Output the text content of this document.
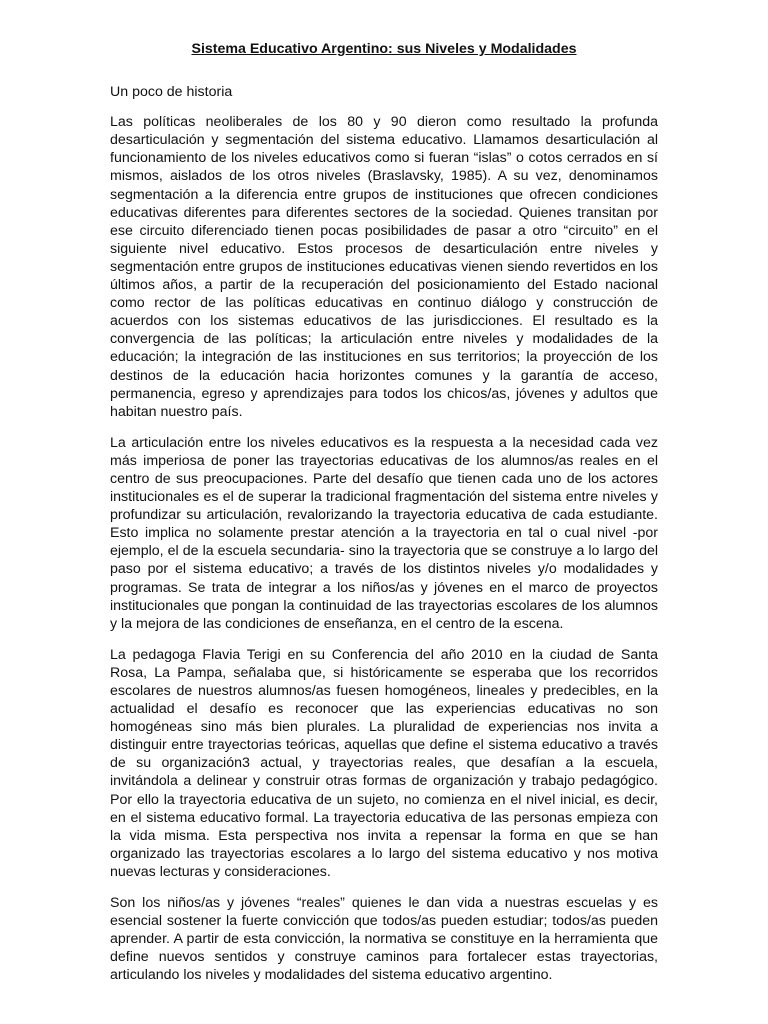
Sistema Educativo Argentino: sus Niveles y Modalidades
Un poco de historia

Las políticas neoliberales de los 80 y 90 dieron como resultado la profunda desarticulación y segmentación del sistema educativo. Llamamos desarticulación al funcionamiento de los niveles educativos como si fueran “islas” o cotos cerrados en sí mismos, aislados de los otros niveles (Braslavsky, 1985). A su vez, denominamos segmentación a la diferencia entre grupos de instituciones que ofrecen condiciones educativas diferentes para diferentes sectores de la sociedad. Quienes transitan por ese circuito diferenciado tienen pocas posibilidades de pasar a otro “circuito” en el siguiente nivel educativo. Estos procesos de desarticulación entre niveles y segmentación entre grupos de instituciones educativas vienen siendo revertidos en los últimos años, a partir de la recuperación del posicionamiento del Estado nacional como rector de las políticas educativas en continuo diálogo y construcción de acuerdos con los sistemas educativos de las jurisdicciones. El resultado es la convergencia de las políticas; la articulación entre niveles y modalidades de la educación; la integración de las instituciones en sus territorios; la proyección de los destinos de la educación hacia horizontes comunes y la garantía de acceso, permanencia, egreso y aprendizajes para todos los chicos/as, jóvenes y adultos que habitan nuestro país.

La articulación entre los niveles educativos es la respuesta a la necesidad cada vez más imperiosa de poner las trayectorias educativas de los alumnos/as reales en el centro de sus preocupaciones. Parte del desafío que tienen cada uno de los actores institucionales es el de superar la tradicional fragmentación del sistema entre niveles y profundizar su articulación, revalorizando la trayectoria educativa de cada estudiante. Esto implica no solamente prestar atención a la trayectoria en tal o cual nivel -por ejemplo, el de la escuela secundaria- sino la trayectoria que se construye a lo largo del paso por el sistema educativo; a través de los distintos niveles y/o modalidades y programas. Se trata de integrar a los niños/as y jóvenes en el marco de proyectos institucionales que pongan la continuidad de las trayectorias escolares de los alumnos y la mejora de las condiciones de enseñanza, en el centro de la escena.

La pedagoga Flavia Terigi en su Conferencia del año 2010 en la ciudad de Santa Rosa, La Pampa, señalaba que, si históricamente se esperaba que los recorridos escolares de nuestros alumnos/as fuesen homogéneos, lineales y predecibles, en la actualidad el desafío es reconocer que las experiencias educativas no son homogéneas sino más bien plurales. La pluralidad de experiencias nos invita a distinguir entre trayectorias teóricas, aquellas que define el sistema educativo a través de su organización3 actual, y trayectorias reales, que desafían a la escuela, invitándola a delinear y construir otras formas de organización y trabajo pedagógico. Por ello la trayectoria educativa de un sujeto, no comienza en el nivel inicial, es decir, en el sistema educativo formal. La trayectoria educativa de las personas empieza con la vida misma. Esta perspectiva nos invita a repensar la forma en que se han organizado las trayectorias escolares a lo largo del sistema educativo y nos motiva nuevas lecturas y consideraciones.

Son los niños/as y jóvenes “reales” quienes le dan vida a nuestras escuelas y es esencial sostener la fuerte convicción que todos/as pueden estudiar; todos/as pueden aprender. A partir de esta convicción, la normativa se constituye en la herramienta que define nuevos sentidos y construye caminos para fortalecer estas trayectorias, articulando los niveles y modalidades del sistema educativo argentino.
